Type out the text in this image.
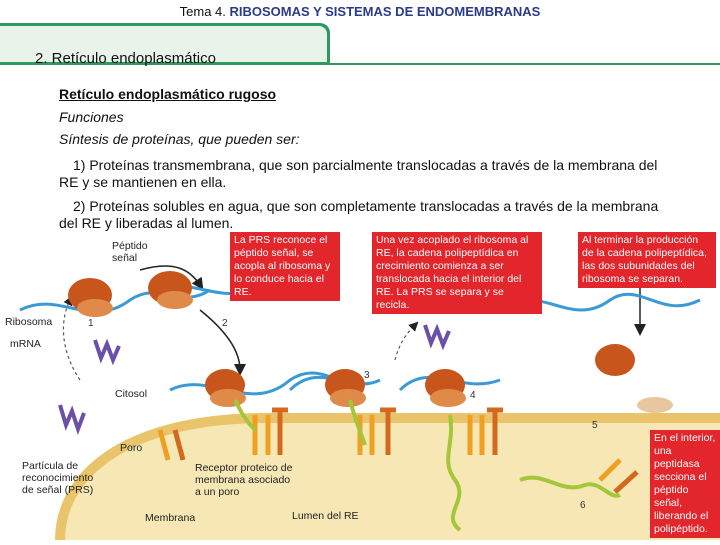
Tema 4. RIBOSOMAS Y SISTEMAS DE ENDOMEMBRANAS
2. Retículo endoplasmático
Retículo endoplasmático rugoso
Funciones
Síntesis de proteínas, que pueden ser:
1) Proteínas transmembrana, que son parcialmente translocadas a través de la membrana del RE y se mantienen en ella.
2) Proteínas solubles en agua, que son completamente translocadas a través de la membrana del RE y liberadas al lumen.
La PRS reconoce el péptido señal, se acopla al ribosoma y lo conduce hacia el RE.
Una vez acoplado el ribosoma al RE, la cadena polipeptídica en crecimiento comienza a ser translocada hacia el interior del RE. La PRS se separa y se recicla.
Al terminar la producción de la cadena polipeptídica, las dos subunidades del ribosoma se separan.
En el interior, una peptidasa secciona el péptido señal, liberando el polipéptido.
Péptido señal
Ribosoma
mRNA
Citosol
Poro
Partícula de reconocimiento de señal (PRS)
Receptor proteico de membrana asociado a un poro
Membrana	Lumen del RE
1	2
3
4
5
6
